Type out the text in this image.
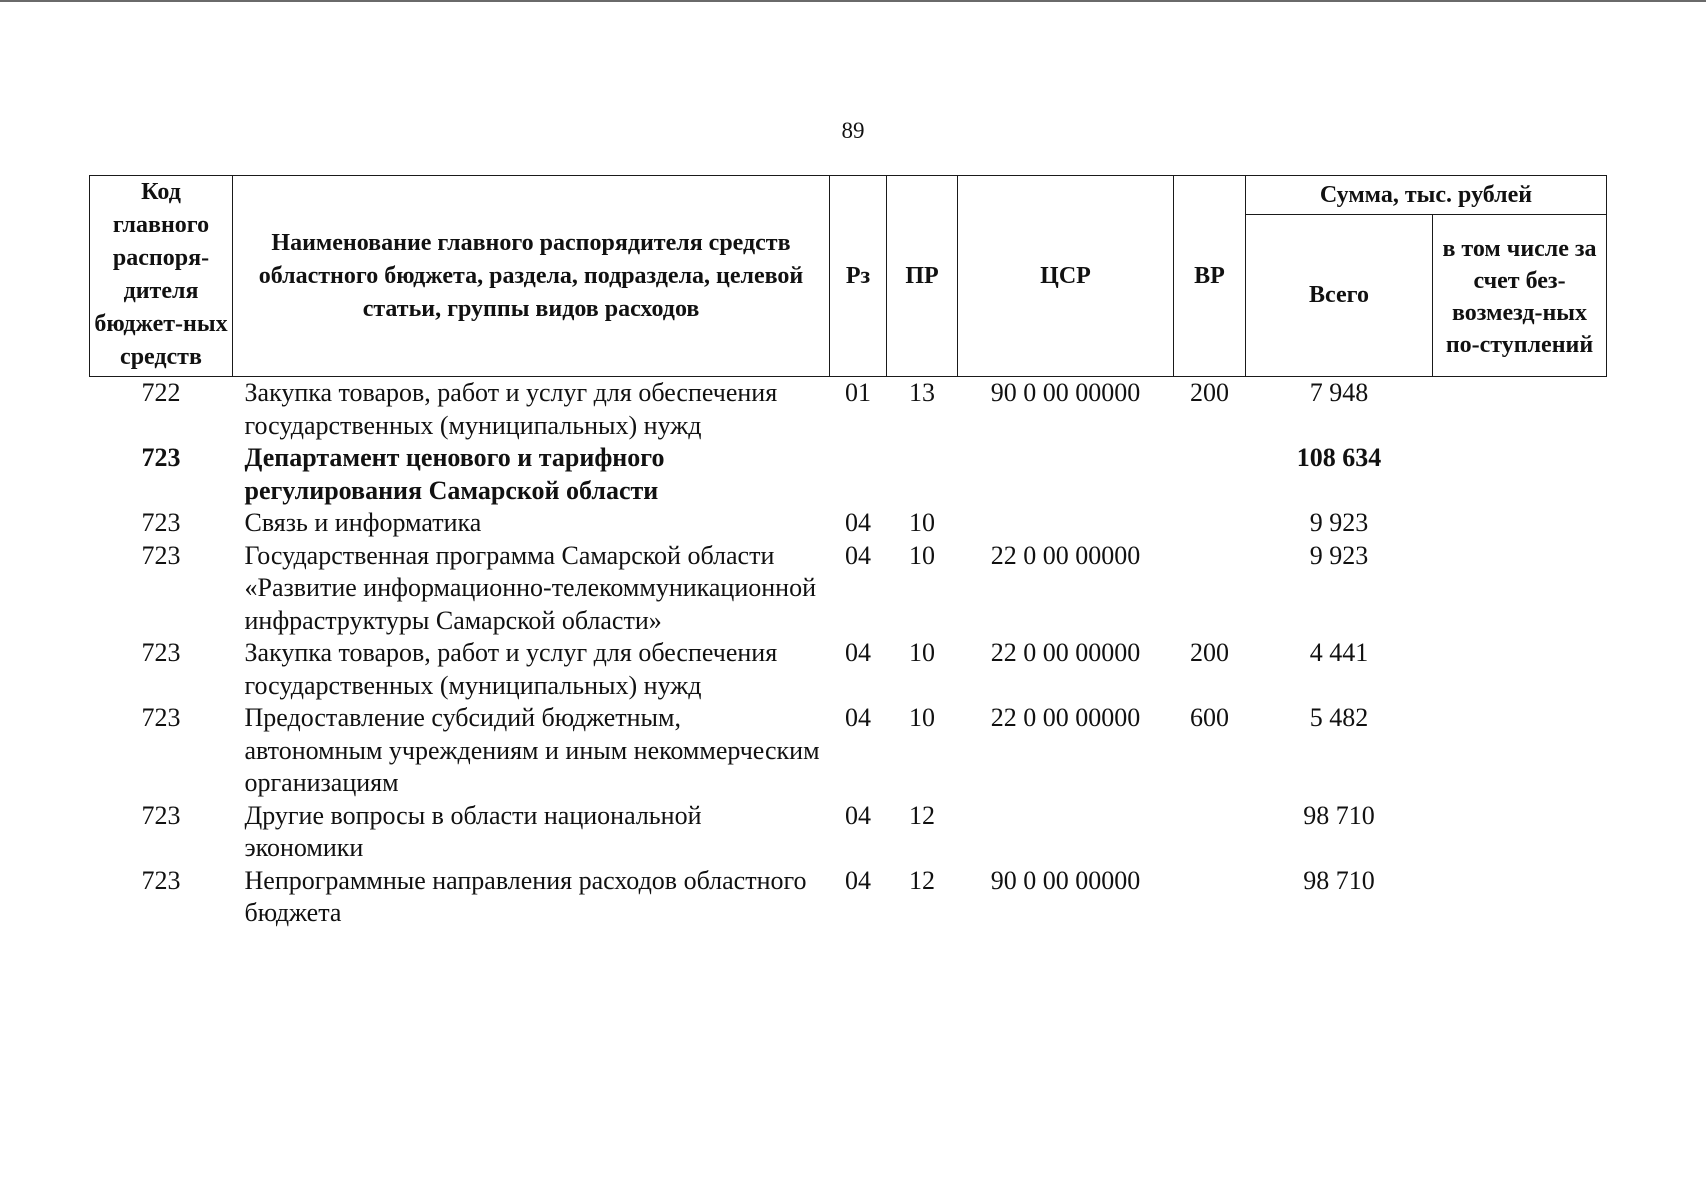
89
Код главного распоря-дителя бюджет-ных средств	Наименование главного распорядителя средств областного бюджета, раздела, подраздела, целевой статьи, группы видов расходов	Рз	ПР	ЦСР	ВР	Сумма, тыс. рублей	
						Всего	в том числе за счет без-возмезд-ных по-ступлений
722	Закупка товаров, работ и услуг для обеспечения государственных (муниципальных) нужд	01	13	90 0 00 00000	200	7 948	
723	Департамент ценового и тарифного регулирования Самарской области					108 634	
723	Связь и информатика	04	10			9 923	
723	Государственная программа Самарской области «Развитие информационно-телекоммуникационной инфраструктуры Самарской области»	04	10	22 0 00 00000		9 923	
723	Закупка товаров, работ и услуг для обеспечения государственных (муниципальных) нужд	04	10	22 0 00 00000	200	4 441	
723	Предоставление субсидий бюджетным, автономным учреждениям и иным некоммерческим организациям	04	10	22 0 00 00000	600	5 482	
723	Другие вопросы в области национальной экономики	04	12			98 710	
723	Непрограммные направления расходов областного бюджета	04	12	90 0 00 00000		98 710	
